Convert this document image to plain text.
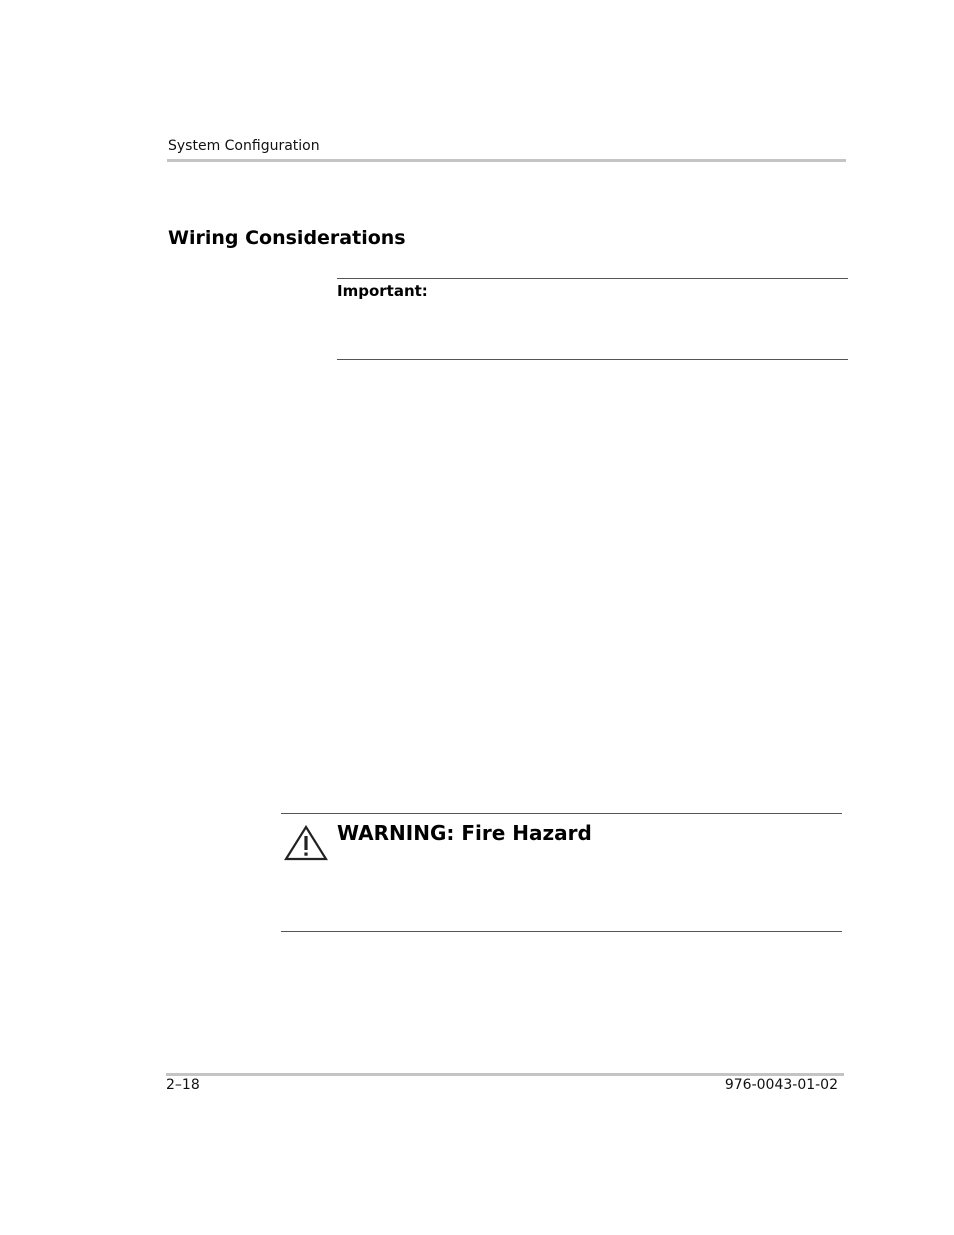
System Configuration
Wiring Considerations
Important:
WARNING: Fire Hazard
2–18	976-0043-01-02
